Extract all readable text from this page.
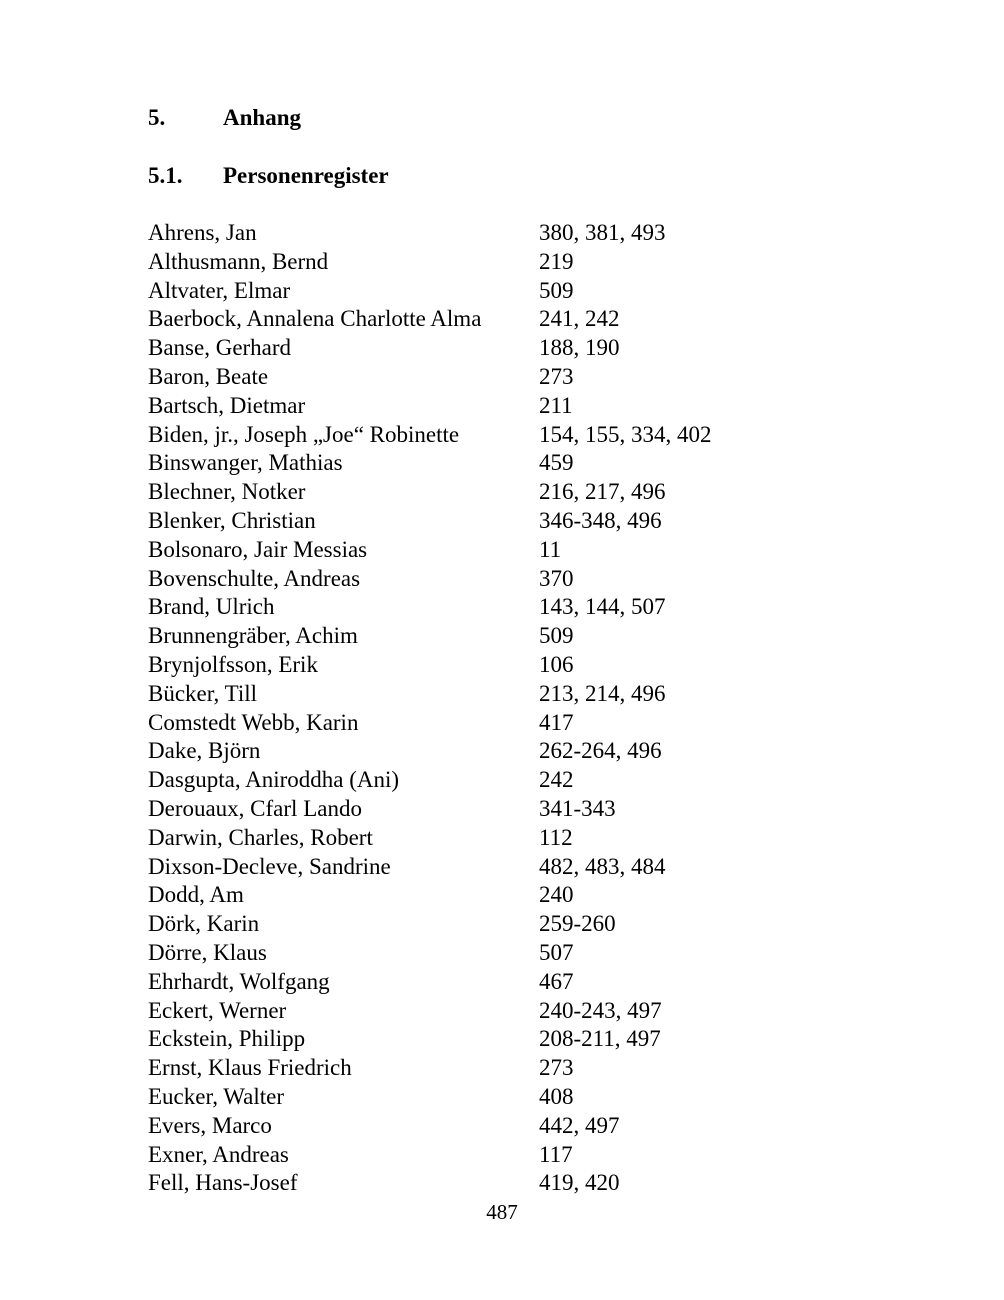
5.	Anhang
5.1. Personenregister
Ahrens, Jan	380, 381, 493
Althusmann, Bernd	219
Altvater, Elmar	509
Baerbock, Annalena Charlotte Alma	241, 242
Banse, Gerhard	188, 190
Baron, Beate	273
Bartsch, Dietmar	211
Biden, jr., Joseph „Joe“ Robinette	154, 155, 334, 402
Binswanger, Mathias	459
Blechner, Notker	216, 217, 496
Blenker, Christian	346-348, 496
Bolsonaro, Jair Messias	11
Bovenschulte, Andreas	370
Brand, Ulrich	143, 144, 507
Brunnengräber, Achim	509
Brynjolfsson, Erik	106
Bücker, Till	213, 214, 496
Comstedt Webb, Karin	417
Dake, Björn	262-264, 496
Dasgupta, Aniroddha (Ani)	242
Derouaux, Cfarl Lando	341-343
Darwin, Charles, Robert	112
Dixson-Decleve, Sandrine	482, 483, 484
Dodd, Am	240
Dörk, Karin	259-260
Dörre, Klaus	507
Ehrhardt, Wolfgang	467
Eckert, Werner	240-243, 497
Eckstein, Philipp	208-211, 497
Ernst, Klaus Friedrich	273
Eucker, Walter	408
Evers, Marco	442, 497
Exner, Andreas	117
Fell, Hans-Josef	419, 420
487
